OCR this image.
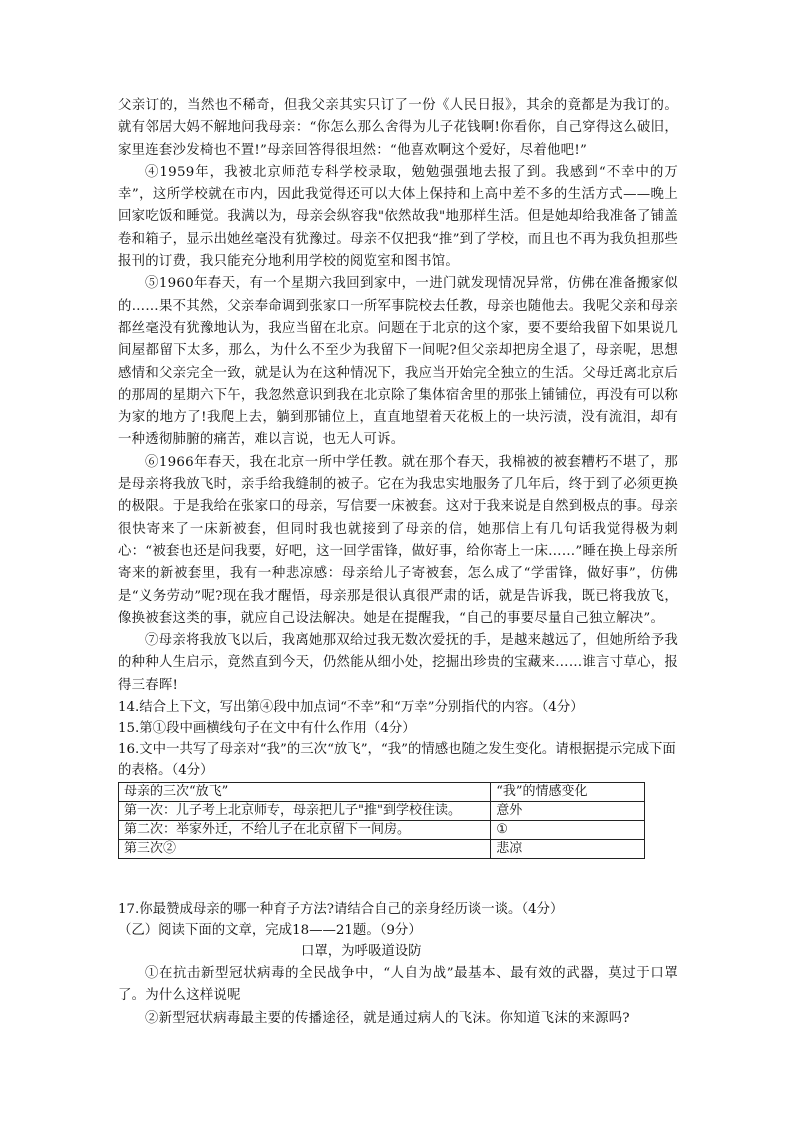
父亲订的，当然也不稀奇，但我父亲其实只订了一份《人民日报》，其余的竟都是为我订的。就有邻居大妈不解地问我母亲：“你怎么那么舍得为儿子花钱啊!你看你，自己穿得这么破旧，家里连套沙发椅也不置!”母亲回答得很坦然：“他喜欢啊这个爱好，尽着他吧!”

④1959年，我被北京师范专科学校录取，勉勉强强地去报了到。我感到“不幸中的万幸”，这所学校就在市内，因此我觉得还可以大体上保持和上高中差不多的生活方式——晚上回家吃饭和睡觉。我满以为，母亲会纵容我"依然故我"地那样生活。但是她却给我准备了铺盖卷和箱子，显示出她丝毫没有犹豫过。母亲不仅把我“推”到了学校，而且也不再为我负担那些报刊的订费，我只能充分地利用学校的阅览室和图书馆。

⑤1960年春天，有一个星期六我回到家中，一进门就发现情况异常，仿佛在准备搬家似的……果不其然，父亲奉命调到张家口一所军事院校去任教，母亲也随他去。我呢父亲和母亲都丝毫没有犹豫地认为，我应当留在北京。问题在于北京的这个家，要不要给我留下如果说几间屋都留下太多，那么，为什么不至少为我留下一间呢?但父亲却把房全退了，母亲呢，思想感情和父亲完全一致，就是认为在这种情况下，我应当开始完全独立的生活。父母迁离北京后的那周的星期六下午，我忽然意识到我在北京除了集体宿舍里的那张上铺铺位，再没有可以称为家的地方了!我爬上去，躺到那铺位上，直直地望着天花板上的一块污渍，没有流泪，却有一种透彻肺腑的痛苦，难以言说，也无人可诉。

⑥1966年春天，我在北京一所中学任教。就在那个春天，我棉被的被套糟朽不堪了，那是母亲将我放飞时，亲手给我缝制的被子。它在为我忠实地服务了几年后，终于到了必须更换的极限。于是我给在张家口的母亲，写信要一床被套。这对于我来说是自然到极点的事。母亲很快寄来了一床新被套，但同时我也就接到了母亲的信，她那信上有几句话我觉得极为刺心：“被套也还是问我要，好吧，这一回学雷锋，做好事，给你寄上一床……”睡在换上母亲所寄来的新被套里，我有一种悲凉感：母亲给儿子寄被套，怎么成了“学雷锋，做好事”，仿佛是“义务劳动”呢?现在我才醒悟，母亲那是很认真很严肃的话，就是告诉我，既已将我放飞，像换被套这类的事，就应自己设法解决。她是在提醒我，“自己的事要尽量自己独立解决”。

⑦母亲将我放飞以后，我离她那双给过我无数次爱抚的手，是越来越远了，但她所给予我的种种人生启示，竟然直到今天，仍然能从细小处，挖掘出珍贵的宝藏来……谁言寸草心，报得三春晖!

14.结合上下文，写出第④段中加点词“不幸”和“万幸”分别指代的内容。（4分）

15.第①段中画横线句子在文中有什么作用（4分）

16.文中一共写了母亲对“我”的三次“放飞”，“我”的情感也随之发生变化。请根据提示完成下面的表格。（4分）

母亲的三次“放飞”	“我”的情感变化
第一次：儿子考上北京师专，母亲把儿子"推"到学校住读。	意外
第二次：举家外迁，不给儿子在北京留下一间房。	①
第三次②	悲凉

17.你最赞成母亲的哪一种育子方法?请结合自己的亲身经历谈一谈。（4分）

（乙）阅读下面的文章，完成18——21题。（9分）

口罩，为呼吸道设防

①在抗击新型冠状病毒的全民战争中，“人自为战”最基本、最有效的武器，莫过于口罩了。为什么这样说呢

②新型冠状病毒最主要的传播途径，就是通过病人的飞沫。你知道飞沫的来源吗?
